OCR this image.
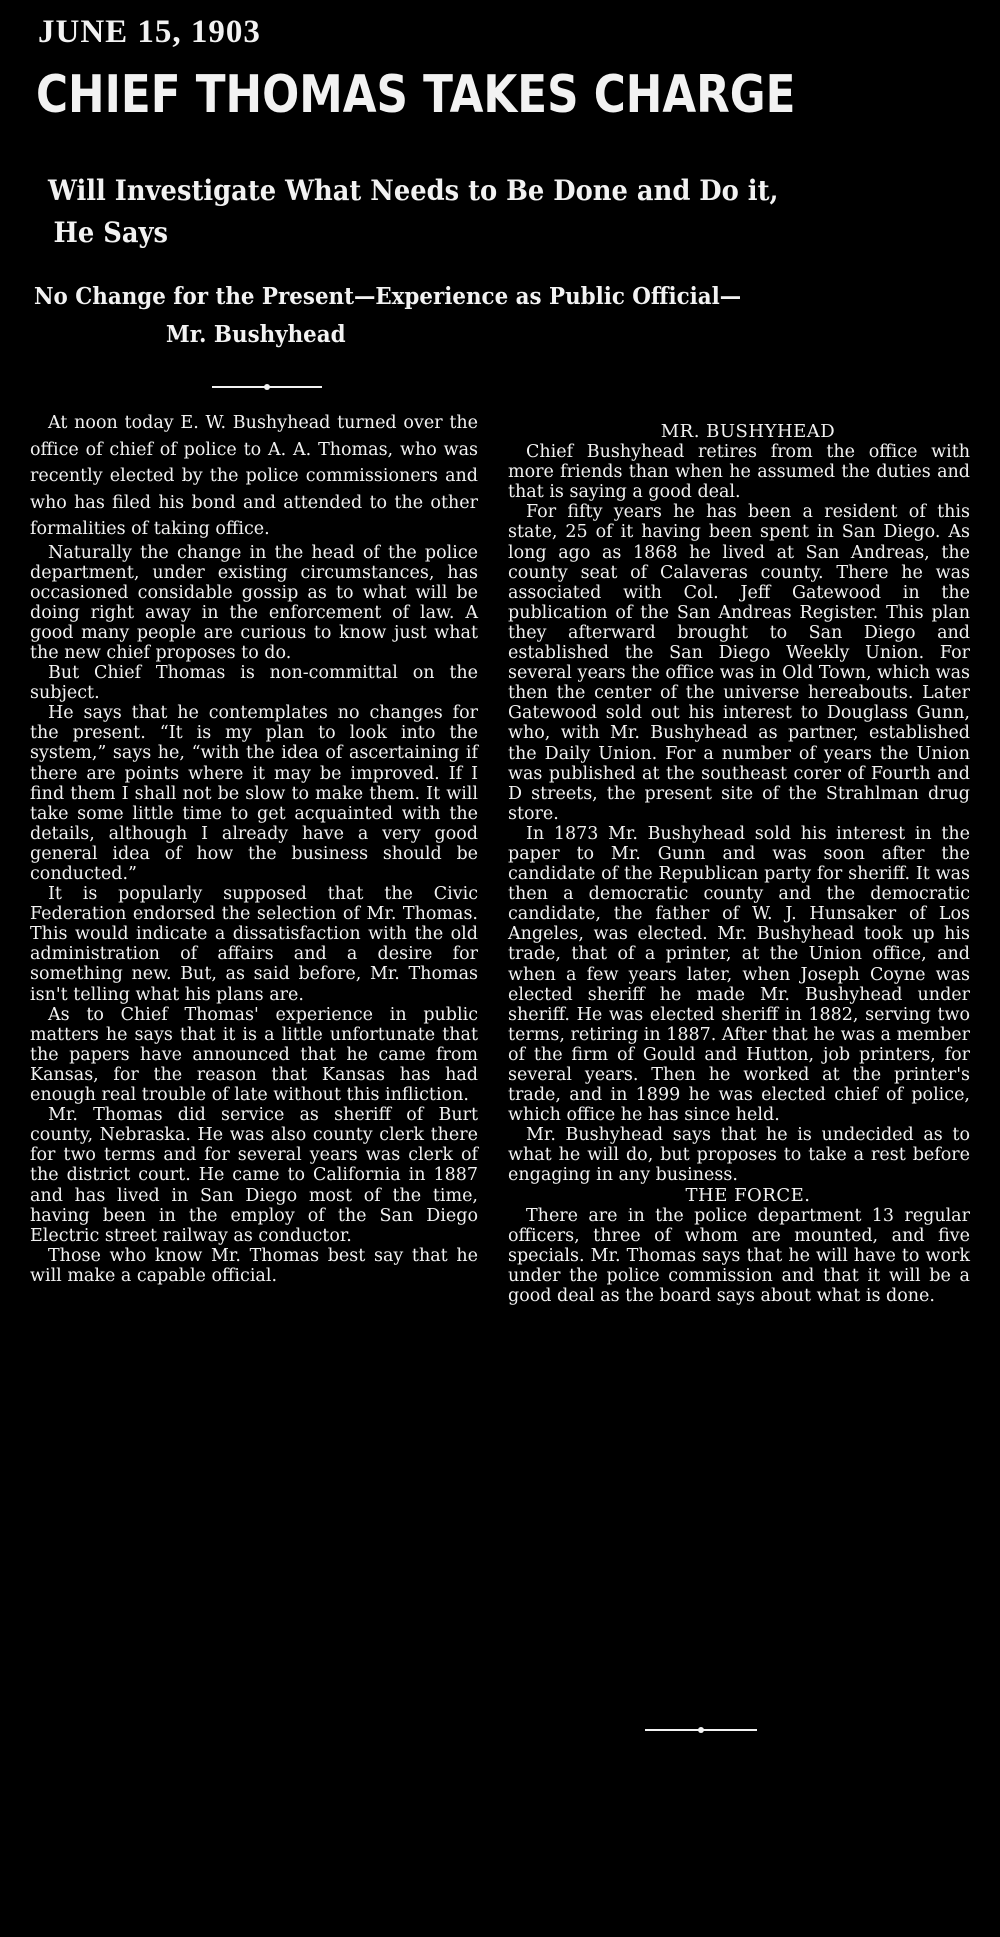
JUNE 15, 1903
CHIEF THOMAS TAKES CHARGE
Will Investigate What Needs to Be Done and Do it,
He Says
No Change for the Present—Experience as Public Official—
Mr. Bushyhead

At noon today E. W. Bushyhead turned over the office of chief of police to A. A. Thomas, who was recently elected by the police commissioners and who has filed his bond and attended to the other formalities of taking office.

Naturally the change in the head of the police department, under existing circumstances, has occasioned considable gossip as to what will be doing right away in the enforcement of law. A good many people are curious to know just what the new chief proposes to do.

But Chief Thomas is non-committal on the subject.

He says that he contemplates no changes for the present. “It is my plan to look into the system,” says he, “with the idea of ascertaining if there are points where it may be improved. If I find them I shall not be slow to make them. It will take some little time to get acquainted with the details, although I already have a very good general idea of how the business should be conducted.”

It is popularly supposed that the Civic Federation endorsed the selection of Mr. Thomas. This would indicate a dissatisfaction with the old administration of affairs and a desire for something new. But, as said before, Mr. Thomas isn't telling what his plans are.

As to Chief Thomas' experience in public matters he says that it is a little unfortunate that the papers have announced that he came from Kansas, for the reason that Kansas has had enough real trouble of late without this infliction.

Mr. Thomas did service as sheriff of Burt county, Nebraska. He was also county clerk there for two terms and for several years was clerk of the district court. He came to California in 1887 and has lived in San Diego most of the time, having been in the employ of the San Diego Electric street railway as conductor.

Those who know Mr. Thomas best say that he will make a capable official.

MR. BUSHYHEAD

Chief Bushyhead retires from the office with more friends than when he assumed the duties and that is saying a good deal.

For fifty years he has been a resident of this state, 25 of it having been spent in San Diego. As long ago as 1868 he lived at San Andreas, the county seat of Calaveras county. There he was associated with Col. Jeff Gatewood in the publication of the San Andreas Register. This plan they afterward brought to San Diego and established the San Diego Weekly Union. For several years the office was in Old Town, which was then the center of the universe hereabouts. Later Gatewood sold out his interest to Douglass Gunn, who, with Mr. Bushyhead as partner, established the Daily Union. For a number of years the Union was published at the southeast corer of Fourth and D streets, the present site of the Strahlman drug store.

In 1873 Mr. Bushyhead sold his interest in the paper to Mr. Gunn and was soon after the candidate of the Republican party for sheriff. It was then a democratic county and the democratic candidate, the father of W. J. Hunsaker of Los Angeles, was elected. Mr. Bushyhead took up his trade, that of a printer, at the Union office, and when a few years later, when Joseph Coyne was elected sheriff he made Mr. Bushyhead under sheriff. He was elected sheriff in 1882, serving two terms, retiring in 1887. After that he was a member of the firm of Gould and Hutton, job printers, for several years. Then he worked at the printer's trade, and in 1899 he was elected chief of police, which office he has since held.

Mr. Bushyhead says that he is undecided as to what he will do, but proposes to take a rest before engaging in any business.

THE FORCE.

There are in the police department 13 regular officers, three of whom are mounted, and five specials. Mr. Thomas says that he will have to work under the police commission and that it will be a good deal as the board says about what is done.
